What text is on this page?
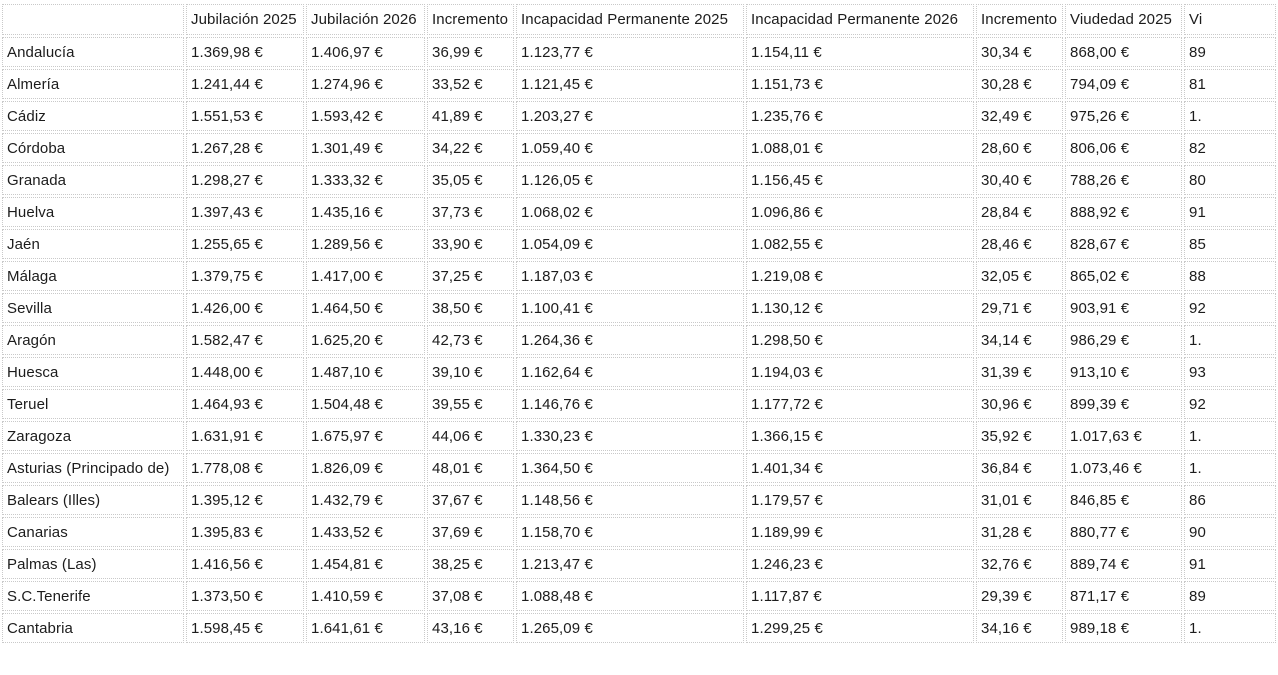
	Jubilación 2025	Jubilación 2026	Incremento	Incapacidad Permanente 2025	Incapacidad Permanente 2026	Incremento	Viudedad 2025	Vi
Andalucía	1.369,98 €	1.406,97 €	36,99 €	1.123,77 €	1.154,11 €	30,34 €	868,00 €	89
Almería	1.241,44 €	1.274,96 €	33,52 €	1.121,45 €	1.151,73 €	30,28 €	794,09 €	81
Cádiz	1.551,53 €	1.593,42 €	41,89 €	1.203,27 €	1.235,76 €	32,49 €	975,26 €	1.
Córdoba	1.267,28 €	1.301,49 €	34,22 €	1.059,40 €	1.088,01 €	28,60 €	806,06 €	82
Granada	1.298,27 €	1.333,32 €	35,05 €	1.126,05 €	1.156,45 €	30,40 €	788,26 €	80
Huelva	1.397,43 €	1.435,16 €	37,73 €	1.068,02 €	1.096,86 €	28,84 €	888,92 €	91
Jaén	1.255,65 €	1.289,56 €	33,90 €	1.054,09 €	1.082,55 €	28,46 €	828,67 €	85
Málaga	1.379,75 €	1.417,00 €	37,25 €	1.187,03 €	1.219,08 €	32,05 €	865,02 €	88
Sevilla	1.426,00 €	1.464,50 €	38,50 €	1.100,41 €	1.130,12 €	29,71 €	903,91 €	92
Aragón	1.582,47 €	1.625,20 €	42,73 €	1.264,36 €	1.298,50 €	34,14 €	986,29 €	1.
Huesca	1.448,00 €	1.487,10 €	39,10 €	1.162,64 €	1.194,03 €	31,39 €	913,10 €	93
Teruel	1.464,93 €	1.504,48 €	39,55 €	1.146,76 €	1.177,72 €	30,96 €	899,39 €	92
Zaragoza	1.631,91 €	1.675,97 €	44,06 €	1.330,23 €	1.366,15 €	35,92 €	1.017,63 €	1.
Asturias (Principado de)	1.778,08 €	1.826,09 €	48,01 €	1.364,50 €	1.401,34 €	36,84 €	1.073,46 €	1.
Balears (Illes)	1.395,12 €	1.432,79 €	37,67 €	1.148,56 €	1.179,57 €	31,01 €	846,85 €	86
Canarias	1.395,83 €	1.433,52 €	37,69 €	1.158,70 €	1.189,99 €	31,28 €	880,77 €	90
Palmas (Las)	1.416,56 €	1.454,81 €	38,25 €	1.213,47 €	1.246,23 €	32,76 €	889,74 €	91
S.C.Tenerife	1.373,50 €	1.410,59 €	37,08 €	1.088,48 €	1.117,87 €	29,39 €	871,17 €	89
Cantabria	1.598,45 €	1.641,61 €	43,16 €	1.265,09 €	1.299,25 €	34,16 €	989,18 €	1.
